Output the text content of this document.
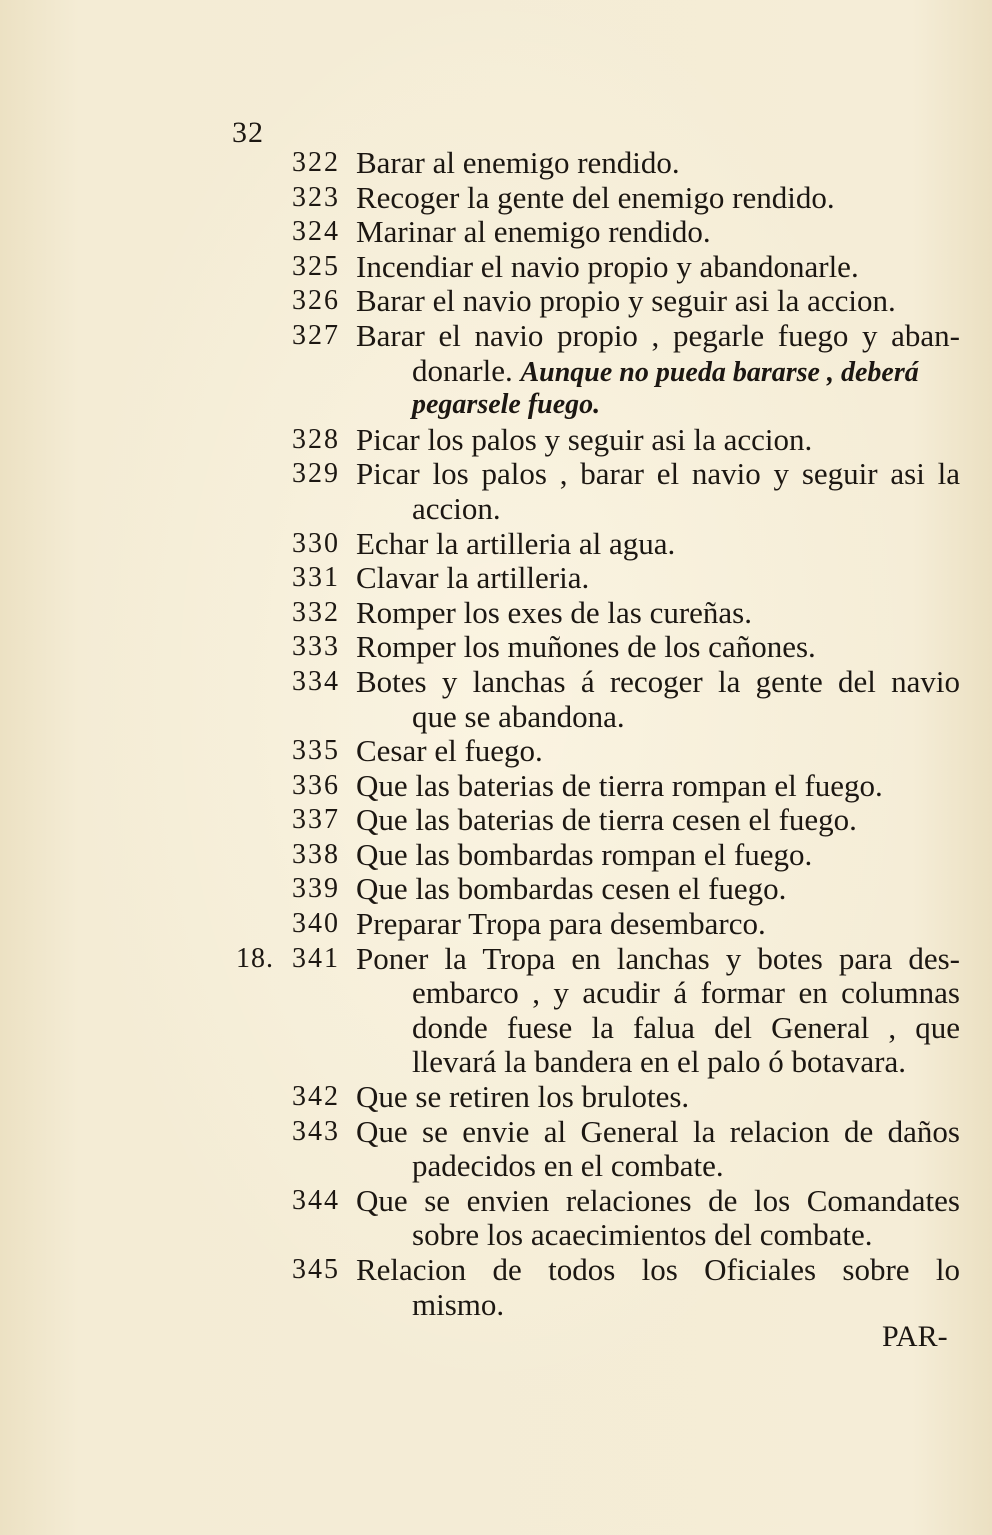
32
322 Barar al enemigo rendido.
323 Recoger la gente del enemigo rendido.
324 Marinar al enemigo rendido.
325 Incendiar el navio propio y abandonarle.
326 Barar el navio propio y seguir asi la accion.
327 Barar el navio propio , pegarle fuego y aban-
donarle. Aunque no pueda bararse , deberá
pegarsele fuego.
328 Picar los palos y seguir asi la accion.
329 Picar los palos , barar el navio y seguir asi la
accion.
330 Echar la artilleria al agua.
331 Clavar la artilleria.
332 Romper los exes de las cureñas.
333 Romper los muñones de los cañones.
334 Botes y lanchas á recoger la gente del navio
que se abandona.
335 Cesar el fuego.
336 Que las baterias de tierra rompan el fuego.
337 Que las baterias de tierra cesen el fuego.
338 Que las bombardas rompan el fuego.
339 Que las bombardas cesen el fuego.
340 Preparar Tropa para desembarco.
18. 341 Poner la Tropa en lanchas y botes para des-
embarco , y acudir á formar en columnas
donde fuese la falua del General , que
llevará la bandera en el palo ó botavara.
342 Que se retiren los brulotes.
343 Que se envie al General la relacion de daños
padecidos en el combate.
344 Que se envien relaciones de los Comandates
sobre los acaecimientos del combate.
345 Relacion de todos los Oficiales sobre lo
mismo.
PAR-
